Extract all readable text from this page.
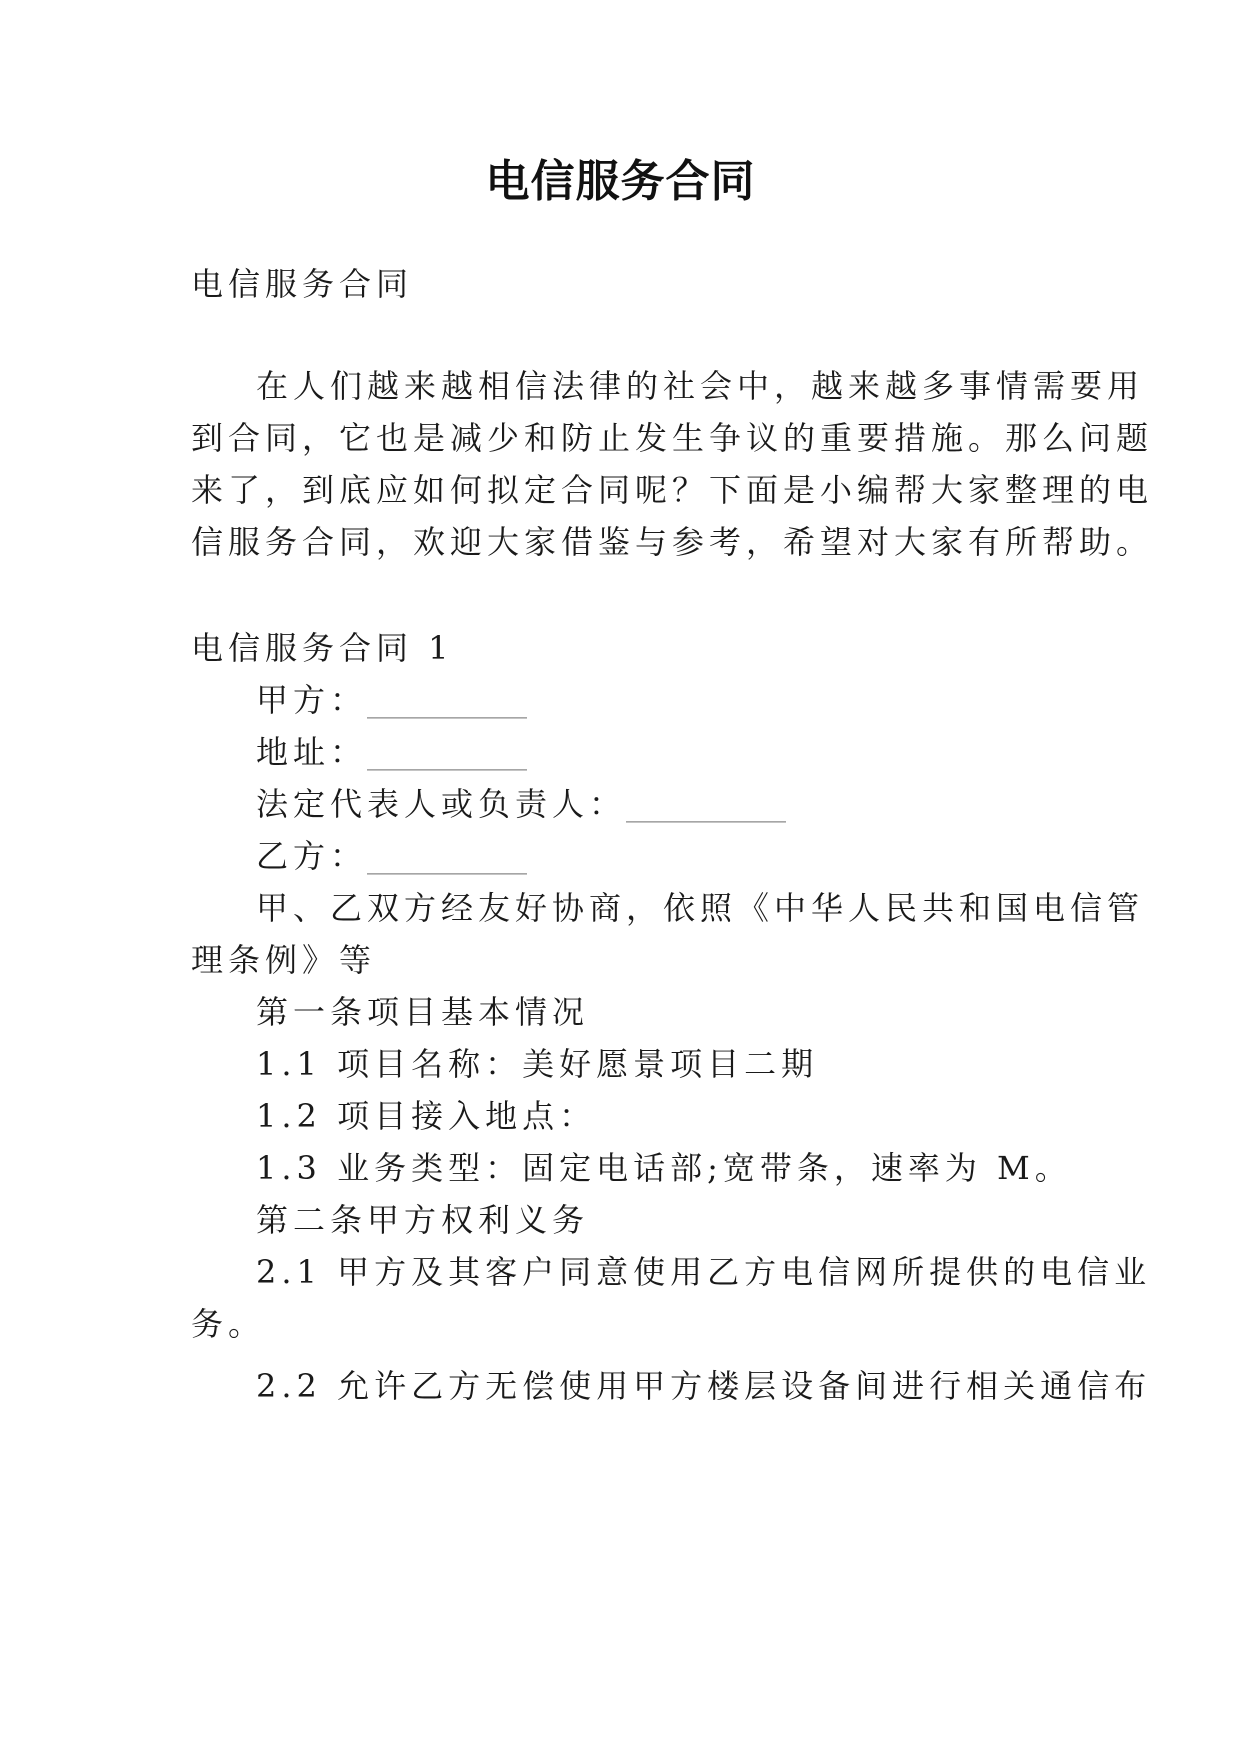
电信服务合同
电信服务合同
在人们越来越相信法律的社会中，越来越多事情需要用
到合同，它也是减少和防止发生争议的重要措施。那么问题
来了，到底应如何拟定合同呢？下面是小编帮大家整理的电
信服务合同，欢迎大家借鉴与参考，希望对大家有所帮助。
电信服务合同 1
甲方：__________
地址：__________
法定代表人或负责人：__________
乙方：__________
甲、乙双方经友好协商，依照《中华人民共和国电信管
理条例》等
第一条项目基本情况
1.1 项目名称：美好愿景项目二期
1.2 项目接入地点：
1.3 业务类型：固定电话部;宽带条，速率为 M。
第二条甲方权利义务
2.1 甲方及其客户同意使用乙方电信网所提供的电信业
务。
2.2 允许乙方无偿使用甲方楼层设备间进行相关通信布
